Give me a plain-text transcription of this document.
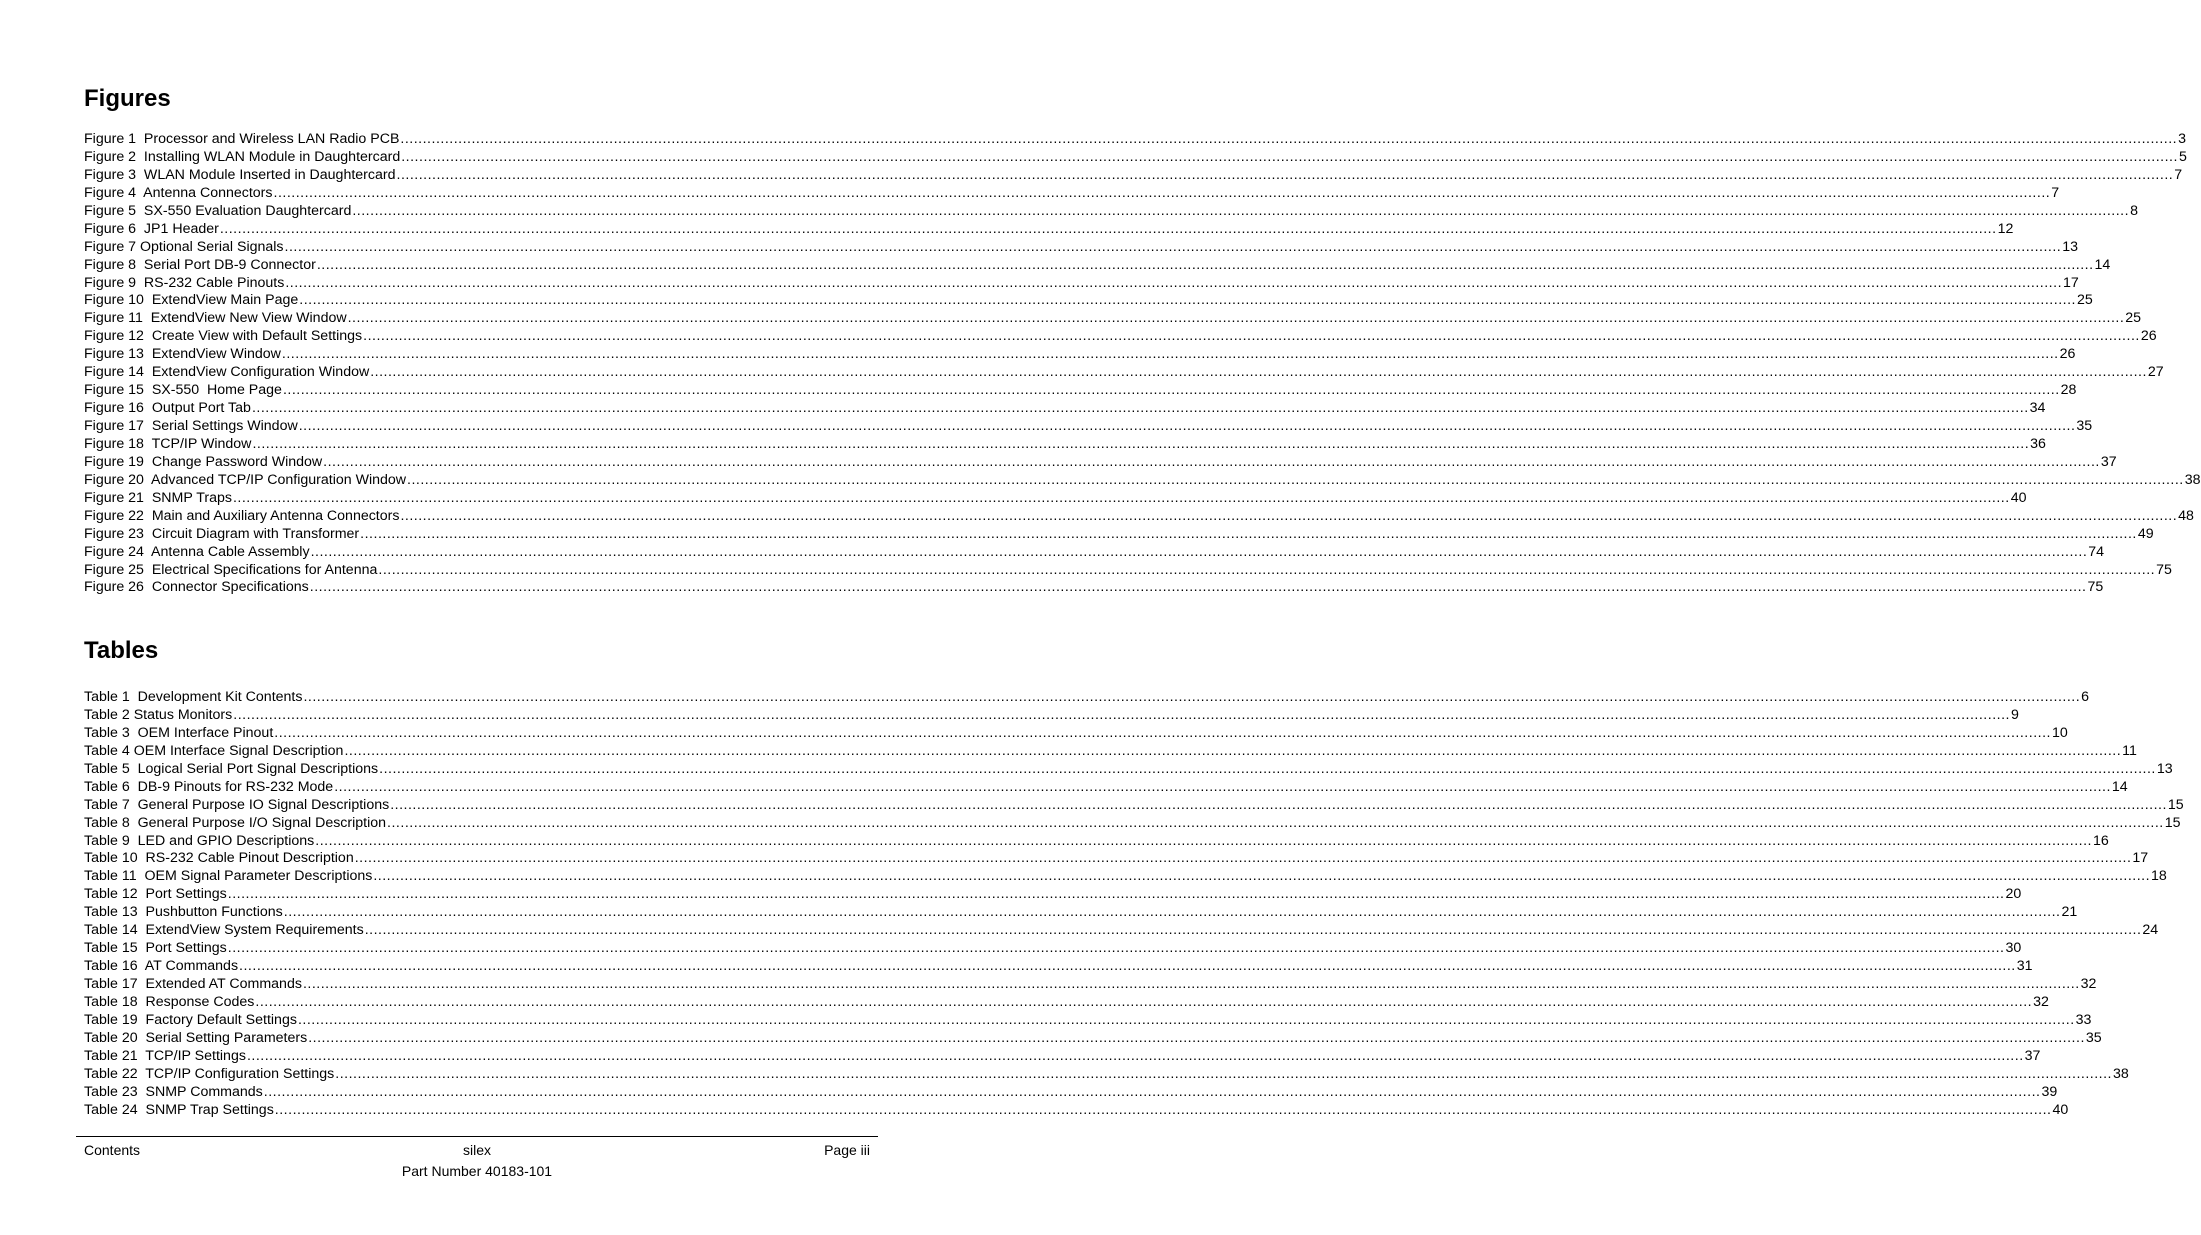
Figures
Figure 1  Processor and Wireless LAN Radio PCB ................................................................................................................................................................................................................................................................................................................................................................................................................ 3
Figure 2  Installing WLAN Module in Daughtercard ................................................................................................................................................................................................................................................................................................................................................................................................................ 5
Figure 3  WLAN Module Inserted in Daughtercard ................................................................................................................................................................................................................................................................................................................................................................................................................ 7
Figure 4  Antenna Connectors ................................................................................................................................................................................................................................................................................................................................................................................................................ 7
Figure 5  SX-550 Evaluation Daughtercard ................................................................................................................................................................................................................................................................................................................................................................................................................ 8
Figure 6  JP1 Header ................................................................................................................................................................................................................................................................................................................................................................................................................ 12
Figure 7 Optional Serial Signals ................................................................................................................................................................................................................................................................................................................................................................................................................ 13
Figure 8  Serial Port DB-9 Connector ................................................................................................................................................................................................................................................................................................................................................................................................................ 14
Figure 9  RS-232 Cable Pinouts ................................................................................................................................................................................................................................................................................................................................................................................................................ 17
Figure 10  ExtendView Main Page ................................................................................................................................................................................................................................................................................................................................................................................................................ 25
Figure 11  ExtendView New View Window ................................................................................................................................................................................................................................................................................................................................................................................................................ 25
Figure 12  Create View with Default Settings ................................................................................................................................................................................................................................................................................................................................................................................................................ 26
Figure 13  ExtendView Window ................................................................................................................................................................................................................................................................................................................................................................................................................ 26
Figure 14  ExtendView Configuration Window ................................................................................................................................................................................................................................................................................................................................................................................................................ 27
Figure 15  SX-550  Home Page ................................................................................................................................................................................................................................................................................................................................................................................................................ 28
Figure 16  Output Port Tab ................................................................................................................................................................................................................................................................................................................................................................................................................ 34
Figure 17  Serial Settings Window ................................................................................................................................................................................................................................................................................................................................................................................................................ 35
Figure 18  TCP/IP Window ................................................................................................................................................................................................................................................................................................................................................................................................................ 36
Figure 19  Change Password Window ................................................................................................................................................................................................................................................................................................................................................................................................................ 37
Figure 20  Advanced TCP/IP Configuration Window ................................................................................................................................................................................................................................................................................................................................................................................................................ 38
Figure 21  SNMP Traps ................................................................................................................................................................................................................................................................................................................................................................................................................ 40
Figure 22  Main and Auxiliary Antenna Connectors ................................................................................................................................................................................................................................................................................................................................................................................................................ 48
Figure 23  Circuit Diagram with Transformer ................................................................................................................................................................................................................................................................................................................................................................................................................ 49
Figure 24  Antenna Cable Assembly ................................................................................................................................................................................................................................................................................................................................................................................................................ 74
Figure 25  Electrical Specifications for Antenna ................................................................................................................................................................................................................................................................................................................................................................................................................ 75
Figure 26  Connector Specifications ................................................................................................................................................................................................................................................................................................................................................................................................................ 75
Tables
Table 1  Development Kit Contents ................................................................................................................................................................................................................................................................................................................................................................................................................ 6
Table 2 Status Monitors ................................................................................................................................................................................................................................................................................................................................................................................................................ 9
Table 3  OEM Interface Pinout ................................................................................................................................................................................................................................................................................................................................................................................................................ 10
Table 4 OEM Interface Signal Description ................................................................................................................................................................................................................................................................................................................................................................................................................ 11
Table 5  Logical Serial Port Signal Descriptions ................................................................................................................................................................................................................................................................................................................................................................................................................ 13
Table 6  DB-9 Pinouts for RS-232 Mode ................................................................................................................................................................................................................................................................................................................................................................................................................ 14
Table 7  General Purpose IO Signal Descriptions ................................................................................................................................................................................................................................................................................................................................................................................................................ 15
Table 8  General Purpose I/O Signal Description ................................................................................................................................................................................................................................................................................................................................................................................................................ 15
Table 9  LED and GPIO Descriptions ................................................................................................................................................................................................................................................................................................................................................................................................................ 16
Table 10  RS-232 Cable Pinout Description ................................................................................................................................................................................................................................................................................................................................................................................................................ 17
Table 11  OEM Signal Parameter Descriptions ................................................................................................................................................................................................................................................................................................................................................................................................................ 18
Table 12  Port Settings ................................................................................................................................................................................................................................................................................................................................................................................................................ 20
Table 13  Pushbutton Functions ................................................................................................................................................................................................................................................................................................................................................................................................................ 21
Table 14  ExtendView System Requirements ................................................................................................................................................................................................................................................................................................................................................................................................................ 24
Table 15  Port Settings ................................................................................................................................................................................................................................................................................................................................................................................................................ 30
Table 16  AT Commands ................................................................................................................................................................................................................................................................................................................................................................................................................ 31
Table 17  Extended AT Commands ................................................................................................................................................................................................................................................................................................................................................................................................................ 32
Table 18  Response Codes ................................................................................................................................................................................................................................................................................................................................................................................................................ 32
Table 19  Factory Default Settings ................................................................................................................................................................................................................................................................................................................................................................................................................ 33
Table 20  Serial Setting Parameters ................................................................................................................................................................................................................................................................................................................................................................................................................ 35
Table 21  TCP/IP Settings ................................................................................................................................................................................................................................................................................................................................................................................................................ 37
Table 22  TCP/IP Configuration Settings ................................................................................................................................................................................................................................................................................................................................................................................................................ 38
Table 23  SNMP Commands ................................................................................................................................................................................................................................................................................................................................................................................................................ 39
Table 24  SNMP Trap Settings ................................................................................................................................................................................................................................................................................................................................................................................................................ 40
Contents	silex	Page iii
Part Number 40183-101
